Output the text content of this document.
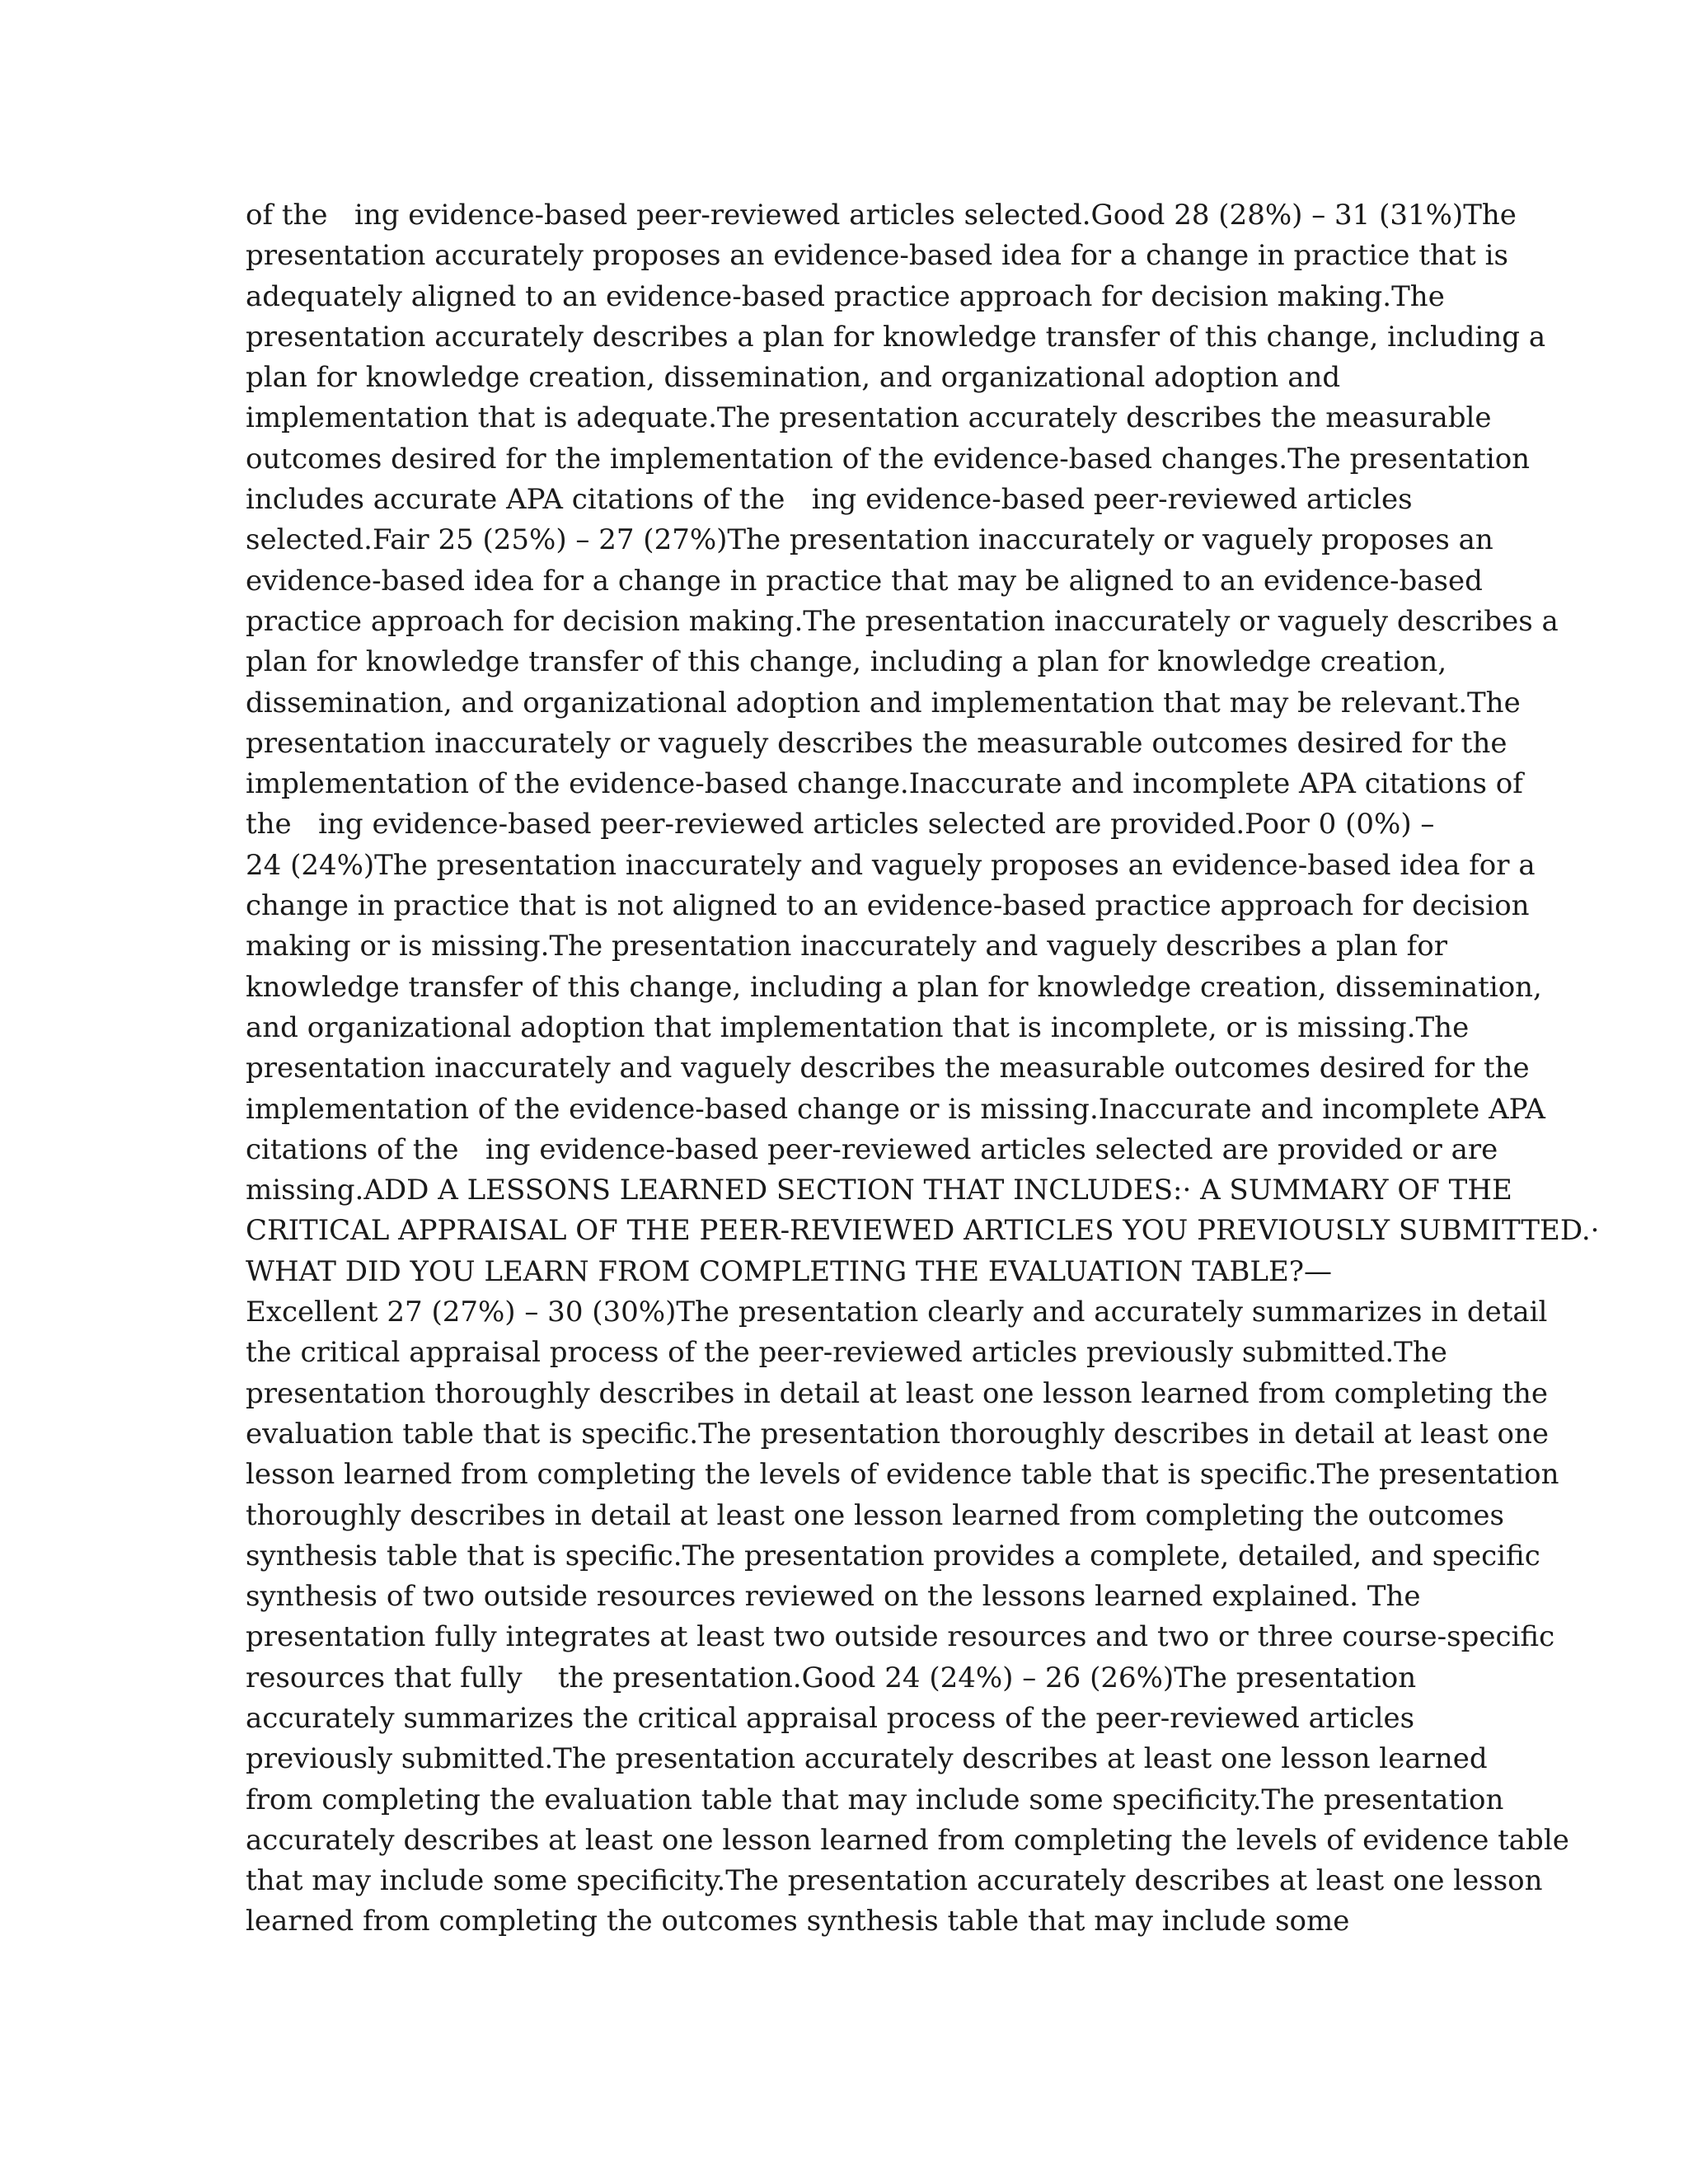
of the   ing evidence-based peer-reviewed articles selected.Good 28 (28%) – 31 (31%)The
presentation accurately proposes an evidence-based idea for a change in practice that is
adequately aligned to an evidence-based practice approach for decision making.The
presentation accurately describes a plan for knowledge transfer of this change, including a
plan for knowledge creation, dissemination, and organizational adoption and
implementation that is adequate.The presentation accurately describes the measurable
outcomes desired for the implementation of the evidence-based changes.The presentation
includes accurate APA citations of the   ing evidence-based peer-reviewed articles
selected.Fair 25 (25%) – 27 (27%)The presentation inaccurately or vaguely proposes an
evidence-based idea for a change in practice that may be aligned to an evidence-based
practice approach for decision making.The presentation inaccurately or vaguely describes a
plan for knowledge transfer of this change, including a plan for knowledge creation,
dissemination, and organizational adoption and implementation that may be relevant.The
presentation inaccurately or vaguely describes the measurable outcomes desired for the
implementation of the evidence-based change.Inaccurate and incomplete APA citations of
the   ing evidence-based peer-reviewed articles selected are provided.Poor 0 (0%) –
24 (24%)The presentation inaccurately and vaguely proposes an evidence-based idea for a
change in practice that is not aligned to an evidence-based practice approach for decision
making or is missing.The presentation inaccurately and vaguely describes a plan for
knowledge transfer of this change, including a plan for knowledge creation, dissemination,
and organizational adoption that implementation that is incomplete, or is missing.The
presentation inaccurately and vaguely describes the measurable outcomes desired for the
implementation of the evidence-based change or is missing.Inaccurate and incomplete APA
citations of the   ing evidence-based peer-reviewed articles selected are provided or are
missing.ADD A LESSONS LEARNED SECTION THAT INCLUDES:· A SUMMARY OF THE
CRITICAL APPRAISAL OF THE PEER-REVIEWED ARTICLES YOU PREVIOUSLY SUBMITTED.·
WHAT DID YOU LEARN FROM COMPLETING THE EVALUATION TABLE?—
Excellent 27 (27%) – 30 (30%)The presentation clearly and accurately summarizes in detail
the critical appraisal process of the peer-reviewed articles previously submitted.The
presentation thoroughly describes in detail at least one lesson learned from completing the
evaluation table that is specific.The presentation thoroughly describes in detail at least one
lesson learned from completing the levels of evidence table that is specific.The presentation
thoroughly describes in detail at least one lesson learned from completing the outcomes
synthesis table that is specific.The presentation provides a complete, detailed, and specific
synthesis of two outside resources reviewed on the lessons learned explained. The
presentation fully integrates at least two outside resources and two or three course-specific
resources that fully    the presentation.Good 24 (24%) – 26 (26%)The presentation
accurately summarizes the critical appraisal process of the peer-reviewed articles
previously submitted.The presentation accurately describes at least one lesson learned
from completing the evaluation table that may include some specificity.The presentation
accurately describes at least one lesson learned from completing the levels of evidence table
that may include some specificity.The presentation accurately describes at least one lesson
learned from completing the outcomes synthesis table that may include some
